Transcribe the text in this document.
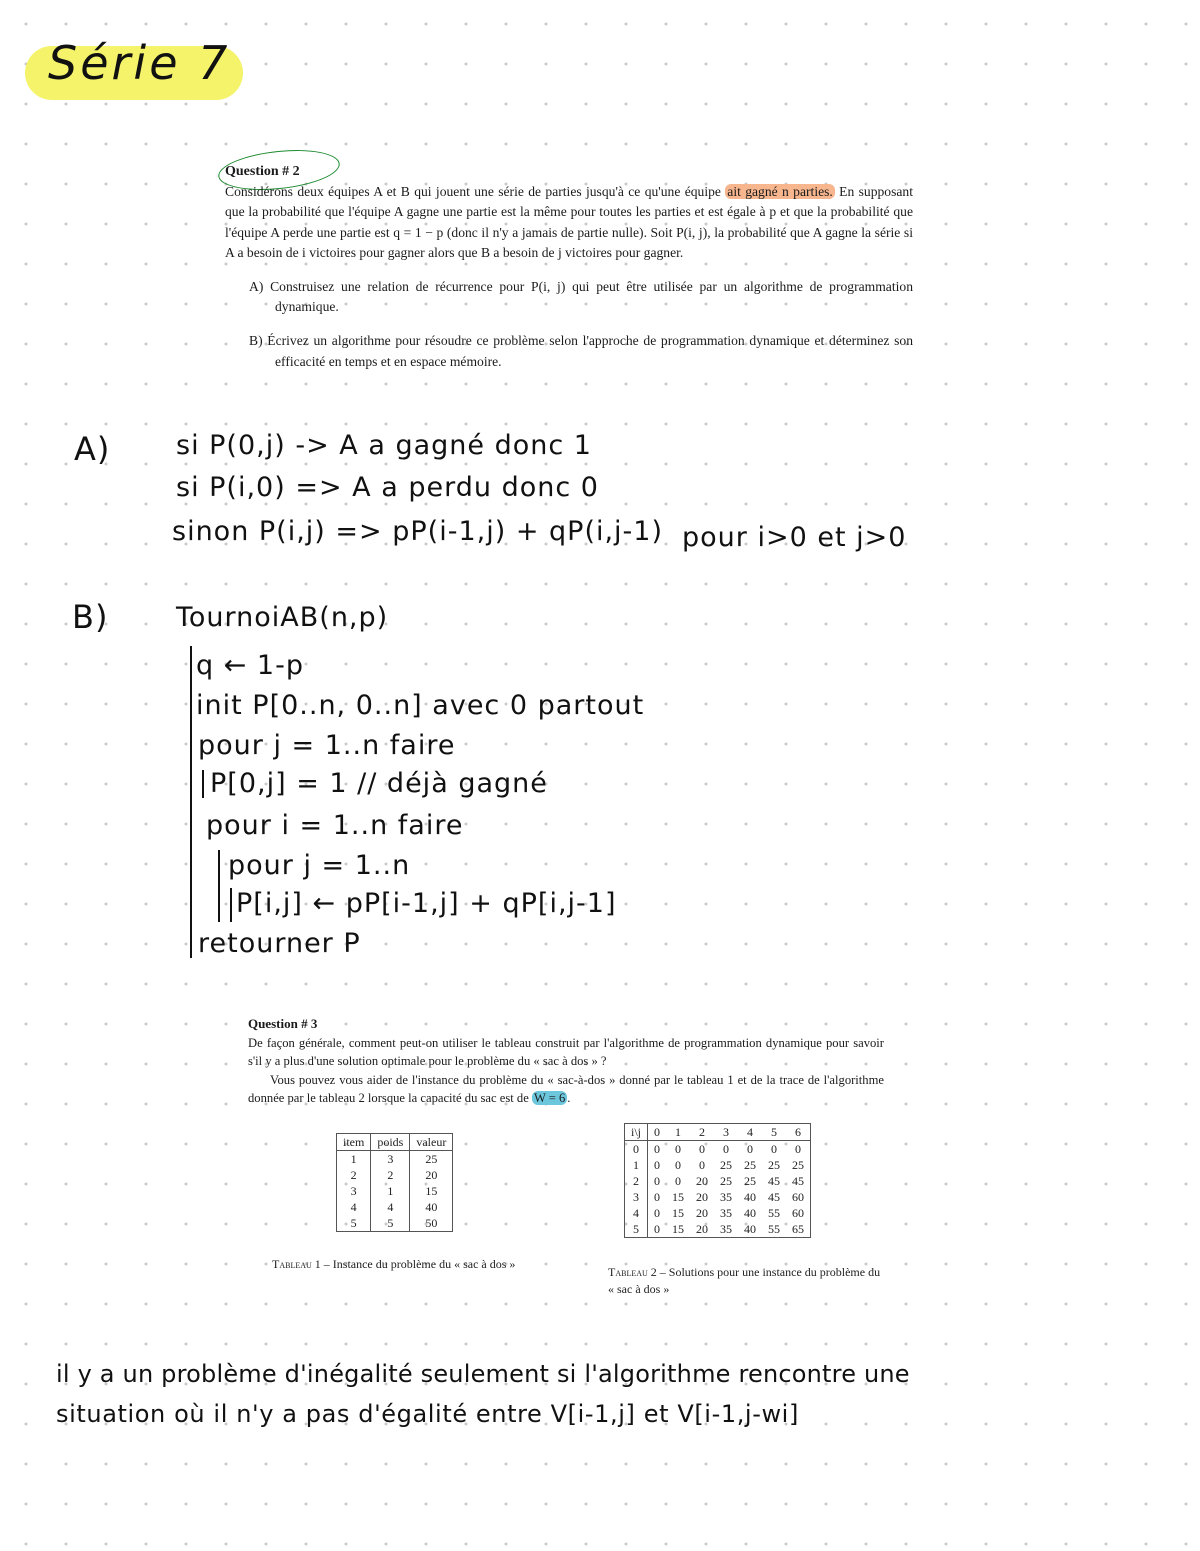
Série 7
Question # 2
Considérons deux équipes A et B qui jouent une série de parties jusqu'à ce qu'une équipe ait gagné n parties. En supposant que la probabilité que l'équipe A gagne une partie est la même pour toutes les parties et est égale à p et que la probabilité que l'équipe A perde une partie est q = 1 − p (donc il n'y a jamais de partie nulle). Soit P(i, j), la probabilité que A gagne la série si A a besoin de i victoires pour gagner alors que B a besoin de j victoires pour gagner.
A) Construisez une relation de récurrence pour P(i, j) qui peut être utilisée par un algorithme de programmation dynamique.
B) Écrivez un algorithme pour résoudre ce problème selon l'approche de programmation dynamique et déterminez son efficacité en temps et en espace mémoire.
A) si P(0,j) -> A a gagné donc 1
si P(i,0) => A a perdu donc 0
sinon P(i,j) => pP(i-1,j) + qP(i,j-1) pour i>0 et j>0
B)	TournoiAB(n,p)
q ← 1-p
init P[0..n, 0..n] avec 0 partout
pour j = 1..n faire
P[0,j] = 1 // déjà gagné
pour i = 1..n faire
pour j = 1..n
P[i,j] ← pP[i-1,j] + qP[i,j-1]
retourner P
Question # 3
De façon générale, comment peut-on utiliser le tableau construit par l'algorithme de programmation dynamique pour savoir s'il y a plus d'une solution optimale pour le problème du « sac à dos » ?
Vous pouvez vous aider de l'instance du problème du « sac-à-dos » donné par le tableau 1 et de la trace de l'algorithme donnée par le tableau 2 lorsque la capacité du sac est de W = 6 .
item	poids	valeur
1	3	25
2	2	20
3	1	15
4	4	40
5	5	50
Tableau 1 – Instance du problème du « sac à dos »
i\j	0	1	2	3	4	5	6
0	0	0	0	0	0	0	0
1	0	0	0	25	25	25	25
2	0	0	20	25	25	45	45
3	0	15	20	35	40	45	60
4	0	15	20	35	40	55	60
5	0	15	20	35	40	55	65
Tableau 2 – Solutions pour une instance du problème du « sac à dos »
il y a un problème d'inégalité seulement si l'algorithme rencontre une
situation où il n'y a pas d'égalité entre V[i-1,j] et V[i-1,j-wi]
